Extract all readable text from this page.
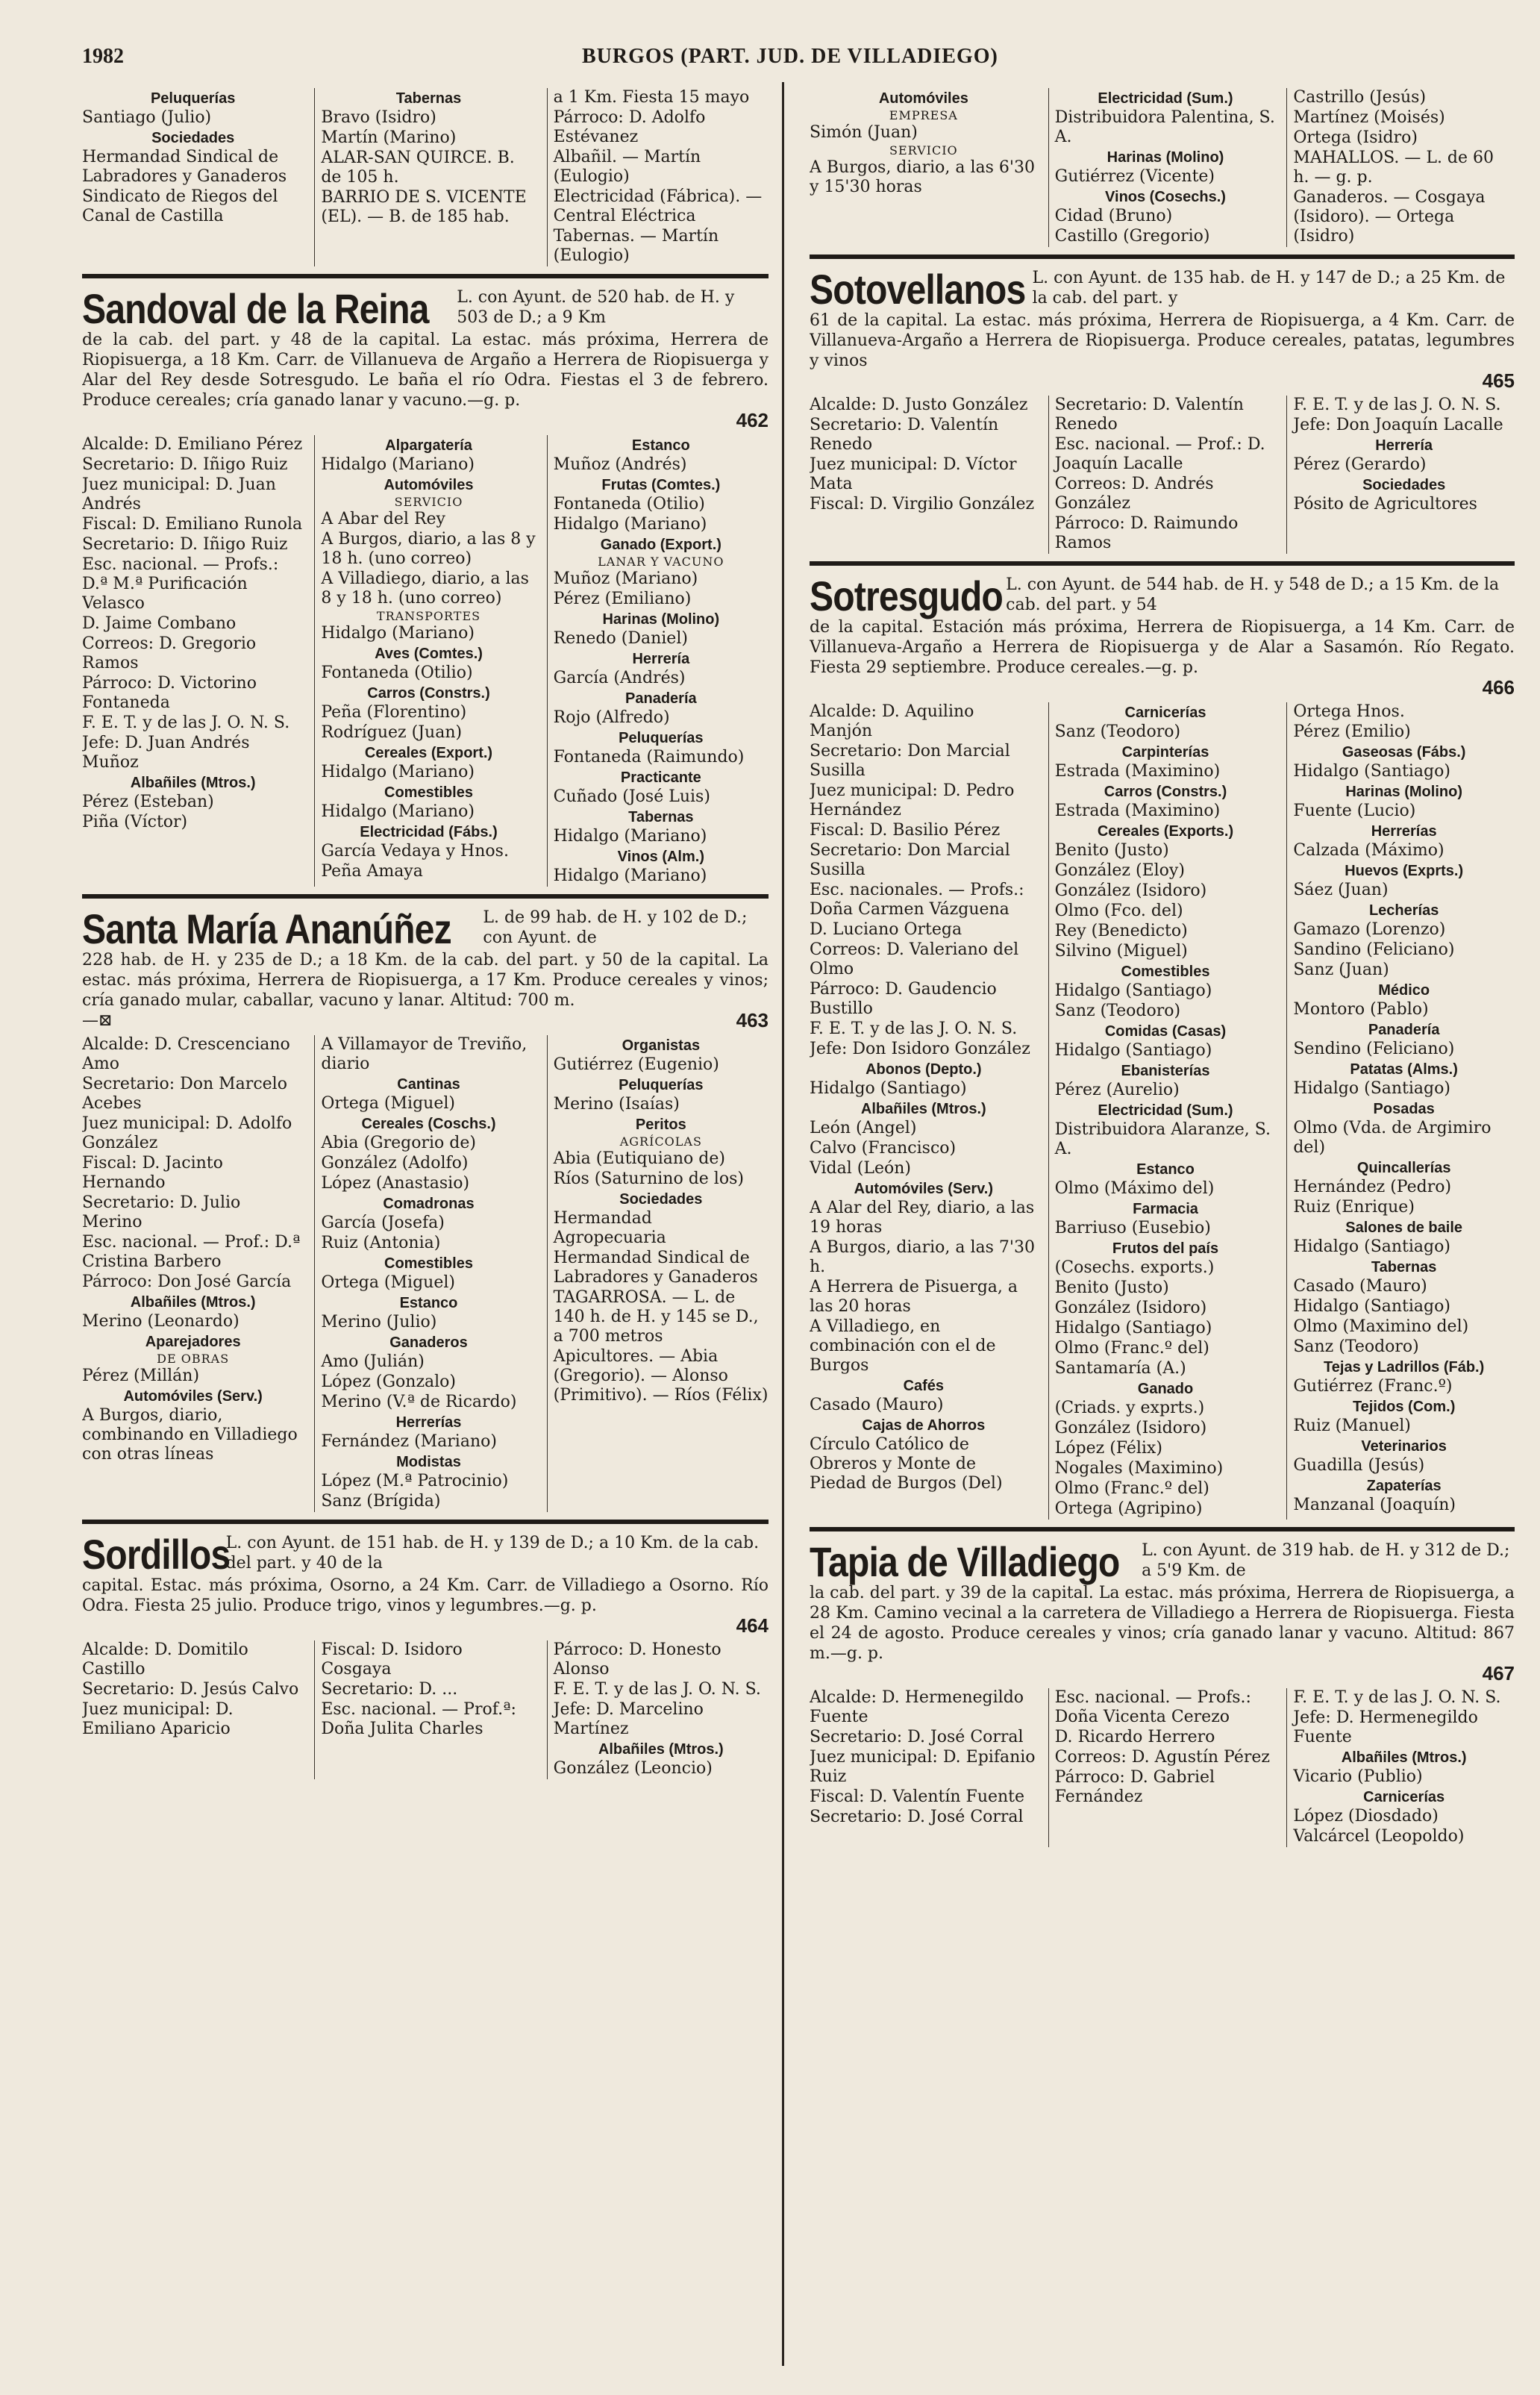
1982	BURGOS (PART. JUD. DE VILLADIEGO)

Peluquerías

Santiago (Julio)

Sociedades

Hermandad Sindical de Labradores y Ganaderos

Sindicato de Riegos del Canal de Castilla

Tabernas

Bravo (Isidro)

Martín (Marino)

ALAR-SAN QUIRCE. B. de 105 h.

BARRIO DE S. VICENTE (EL). — B. de 185 hab.

a 1 Km. Fiesta 15 mayo

Párroco: D. Adolfo Estévanez

Albañil. — Martín (Eulogio)

Electricidad (Fábrica). — Central Eléctrica

Tabernas. — Martín (Eulogio)

Sandoval de la Reina L. con Ayunt. de 520 hab. de H. y 503 de D.; a 9 Km

de la cab. del part. y 48 de la capital. La estac. más próxima, Herrera de Riopisuerga, a 18 Km. Carr. de Villanueva de Argaño a Herrera de Riopisuerga y Alar del Rey desde Sotresgudo. Le baña el río Odra. Fiestas el 3 de febrero. Produce cereales; cría ganado lanar y vacuno.—g. p.

462

Alcalde: D. Emiliano Pérez

Secretario: D. Iñigo Ruiz

Juez municipal: D. Juan Andrés

Fiscal: D. Emiliano Runola

Secretario: D. Iñigo Ruiz

Esc. nacional. — Profs.: D.ª M.ª Purificación Velasco

D. Jaime Combano

Correos: D. Gregorio Ramos

Párroco: D. Victorino Fontaneda

F. E. T. y de las J. O. N. S.

Jefe: D. Juan Andrés Muñoz

Albañiles (Mtros.)

Pérez (Esteban)

Piña (Víctor)

Alpargatería

Hidalgo (Mariano)

Automóviles

SERVICIO

A Abar del Rey

A Burgos, diario, a las 8 y 18 h. (uno correo)

A Villadiego, diario, a las 8 y 18 h. (uno correo)

TRANSPORTES

Hidalgo (Mariano)

Aves (Comtes.)

Fontaneda (Otilio)

Carros (Constrs.)

Peña (Florentino)

Rodríguez (Juan)

Cereales (Export.)

Hidalgo (Mariano)

Comestibles

Hidalgo (Mariano)

Electricidad (Fábs.)

García Vedaya y Hnos.

Peña Amaya

Estanco

Muñoz (Andrés)

Frutas (Comtes.)

Fontaneda (Otilio)

Hidalgo (Mariano)

Ganado (Export.)

LANAR Y VACUNO

Muñoz (Mariano)

Pérez (Emiliano)

Harinas (Molino)

Renedo (Daniel)

Herrería

García (Andrés)

Panadería

Rojo (Alfredo)

Peluquerías

Fontaneda (Raimundo)

Practicante

Cuñado (José Luis)

Tabernas

Hidalgo (Mariano)

Vinos (Alm.)

Hidalgo (Mariano)

Santa María Ananúñez L. de 99 hab. de H. y 102 de D.; con Ayunt. de

228 hab. de H. y 235 de D.; a 18 Km. de la cab. del part. y 50 de la capital. La estac. más próxima, Herrera de Riopisuerga, a 17 Km. Produce cereales y vinos; cría ganado mular, caballar, vacuno y lanar. Altitud: 700 m.

—⊠	463

Alcalde: D. Crescenciano Amo

Secretario: Don Marcelo Acebes

Juez municipal: D. Adolfo González

Fiscal: D. Jacinto Hernando

Secretario: D. Julio Merino

Esc. nacional. — Prof.: D.ª Cristina Barbero

Párroco: Don José García

Albañiles (Mtros.)

Merino (Leonardo)

Aparejadores

DE OBRAS

Pérez (Millán)

Automóviles (Serv.)

A Burgos, diario, combinando en Villadiego con otras líneas

A Villamayor de Treviño, diario

Cantinas

Ortega (Miguel)

Cereales (Coschs.)

Abia (Gregorio de)

González (Adolfo)

López (Anastasio)

Comadronas

García (Josefa)

Ruiz (Antonia)

Comestibles

Ortega (Miguel)

Estanco

Merino (Julio)

Ganaderos

Amo (Julián)

López (Gonzalo)

Merino (V.ª de Ricardo)

Herrerías

Fernández (Mariano)

Modistas

López (M.ª Patrocinio)

Sanz (Brígida)

Organistas

Gutiérrez (Eugenio)

Peluquerías

Merino (Isaías)

Peritos

AGRÍCOLAS

Abia (Eutiquiano de)

Ríos (Saturnino de los)

Sociedades

Hermandad Agropecuaria

Hermandad Sindical de Labradores y Ganaderos

TAGARROSA. — L. de 140 h. de H. y 145 se D., a 700 metros

Apicultores. — Abia (Gregorio). — Alonso (Primitivo). — Ríos (Félix)

Sordillos
L. con Ayunt. de 151 hab. de H. y 139 de D.; a 10 Km. de la cab. del part. y 40 de la

capital. Estac. más próxima, Osorno, a 24 Km. Carr. de Villadiego a Osorno. Río Odra. Fiesta 25 julio. Produce trigo, vinos y legumbres.—g. p.

464

Alcalde: D. Domitilo Castillo

Secretario: D. Jesús Calvo

Juez municipal: D. Emiliano Aparicio

Fiscal: D. Isidoro Cosgaya

Secretario: D. ...

Esc. nacional. — Prof.ª: Doña Julita Charles

Párroco: D. Honesto Alonso

F. E. T. y de las J. O. N. S.

Jefe: D. Marcelino Martínez

Albañiles (Mtros.)

González (Leoncio)

Automóviles

EMPRESA

Simón (Juan)

SERVICIO

A Burgos, diario, a las 6'30 y 15'30 horas

Electricidad (Sum.)

Distribuidora Palentina, S. A.

Harinas (Molino)

Gutiérrez (Vicente)

Vinos (Cosechs.)

Cidad (Bruno)

Castillo (Gregorio)

Castrillo (Jesús)

Martínez (Moisés)

Ortega (Isidro)

MAHALLOS. — L. de 60 h. — g. p.

Ganaderos. — Cosgaya (Isidoro). — Ortega (Isidro)

Sotovellanos L. con Ayunt. de 135 hab. de H. y 147 de D.; a 25 Km. de la cab. del part. y

61 de la capital. La estac. más próxima, Herrera de Riopisuerga, a 4 Km. Carr. de Villanueva-Argaño a Herrera de Riopisuerga. Produce cereales, patatas, legumbres y vinos

465

Alcalde: D. Justo González

Secretario: D. Valentín Renedo

Juez municipal: D. Víctor Mata

Fiscal: D. Virgilio González

Secretario: D. Valentín Renedo

Esc. nacional. — Prof.: D. Joaquín Lacalle

Correos: D. Andrés González

Párroco: D. Raimundo Ramos

F. E. T. y de las J. O. N. S.

Jefe: Don Joaquín Lacalle

Herrería

Pérez (Gerardo)

Sociedades

Pósito de Agricultores

Sotresgudo L. con Ayunt. de 544 hab. de H. y 548 de D.; a 15 Km. de la cab. del part. y 54

de la capital. Estación más próxima, Herrera de Riopisuerga, a 14 Km. Carr. de Villanueva-Argaño a Herrera de Riopisuerga y de Alar a Sasamón. Río Regato. Fiesta 29 septiembre. Produce cereales.—g. p.

466

Alcalde: D. Aquilino Manjón

Secretario: Don Marcial Susilla

Juez municipal: D. Pedro Hernández

Fiscal: D. Basilio Pérez

Secretario: Don Marcial Susilla

Esc. nacionales. — Profs.: Doña Carmen Vázguena

D. Luciano Ortega

Correos: D. Valeriano del Olmo

Párroco: D. Gaudencio Bustillo

F. E. T. y de las J. O. N. S.

Jefe: Don Isidoro González

Abonos (Depto.)

Hidalgo (Santiago)

Albañiles (Mtros.)

León (Angel)

Calvo (Francisco)

Vidal (León)

Automóviles (Serv.)

A Alar del Rey, diario, a las 19 horas

A Burgos, diario, a las 7'30 h.

A Herrera de Pisuerga, a las 20 horas

A Villadiego, en combinación con el de Burgos

Cafés

Casado (Mauro)

Cajas de Ahorros

Círculo Católico de Obreros y Monte de Piedad de Burgos (Del)

Carnicerías

Sanz (Teodoro)

Carpinterías

Estrada (Maximino)

Carros (Constrs.)

Estrada (Maximino)

Cereales (Exports.)

Benito (Justo)

González (Eloy)

González (Isidoro)

Olmo (Fco. del)

Rey (Benedicto)

Silvino (Miguel)

Comestibles

Hidalgo (Santiago)

Sanz (Teodoro)

Comidas (Casas)

Hidalgo (Santiago)

Ebanisterías

Pérez (Aurelio)

Electricidad (Sum.)

Distribuidora Alaranze, S. A.

Estanco

Olmo (Máximo del)

Farmacia

Barriuso (Eusebio)

Frutos del país

(Cosechs. exports.)

Benito (Justo)

González (Isidoro)

Hidalgo (Santiago)

Olmo (Franc.º del)

Santamaría (A.)

Ganado

(Criads. y exprts.)

González (Isidoro)

López (Félix)

Nogales (Maximino)

Olmo (Franc.º del)

Ortega (Agripino)

Ortega Hnos.

Pérez (Emilio)

Gaseosas (Fábs.)

Hidalgo (Santiago)

Harinas (Molino)

Fuente (Lucio)

Herrerías

Calzada (Máximo)

Huevos (Exprts.)

Sáez (Juan)

Lecherías

Gamazo (Lorenzo)

Sandino (Feliciano)

Sanz (Juan)

Médico

Montoro (Pablo)

Panadería

Sendino (Feliciano)

Patatas (Alms.)

Hidalgo (Santiago)

Posadas

Olmo (Vda. de Argimiro del)

Quincallerías

Hernández (Pedro)

Ruiz (Enrique)

Salones de baile

Hidalgo (Santiago)

Tabernas

Casado (Mauro)

Hidalgo (Santiago)

Olmo (Maximino del)

Sanz (Teodoro)

Tejas y Ladrillos (Fáb.)

Gutiérrez (Franc.º)

Tejidos (Com.)

Ruiz (Manuel)

Veterinarios

Guadilla (Jesús)

Zapaterías

Manzanal (Joaquín)

Tapia de Villadiego L. con Ayunt. de 319 hab. de H. y 312 de D.; a 5'9 Km. de

la cab. del part. y 39 de la capital. La estac. más próxima, Herrera de Riopisuerga, a 28 Km. Camino vecinal a la carretera de Villadiego a Herrera de Riopisuerga. Fiesta el 24 de agosto. Produce cereales y vinos; cría ganado lanar y vacuno. Altitud: 867 m.—g. p.

467

Alcalde: D. Hermenegildo Fuente

Secretario: D. José Corral

Juez municipal: D. Epifanio Ruiz

Fiscal: D. Valentín Fuente

Secretario: D. José Corral

Esc. nacional. — Profs.: Doña Vicenta Cerezo

D. Ricardo Herrero

Correos: D. Agustín Pérez

Párroco: D. Gabriel Fernández

F. E. T. y de las J. O. N. S.

Jefe: D. Hermenegildo Fuente

Albañiles (Mtros.)

Vicario (Publio)

Carnicerías

López (Diosdado)

Valcárcel (Leopoldo)
